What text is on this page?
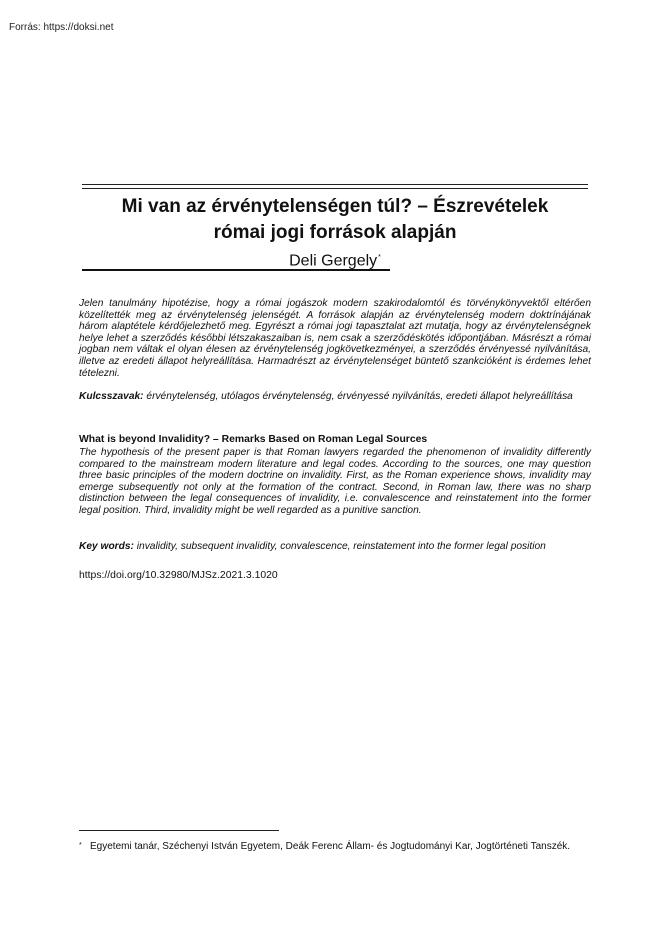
Forrás: https://doksi.net
Mi van az érvénytelenségen túl? – Észrevételek
római jogi források alapján
Deli Gergely*

Jelen tanulmány hipotézise, hogy a római jogászok modern szakirodalomtól és törvénykönyvektől eltérően közelítették meg az érvénytelenség jelenségét. A források alapján az érvénytelenség modern doktrínájának három alaptétele kérdőjelezhető meg. Egyrészt a római jogi tapasztalat azt mutatja, hogy az érvénytelenségnek helye lehet a szerződés későbbi létszakaszaiban is, nem csak a szerződéskötés időpontjában. Másrészt a római jogban nem váltak el olyan élesen az érvénytelenség jogkövetkezményei, a szerződés érvényessé nyilvánítása, illetve az eredeti állapot helyreállítása. Harmadrészt az érvénytelenséget büntető szankcióként is érdemes lehet tételezni.

Kulcsszavak: érvénytelenség, utólagos érvénytelenség, érvényessé nyilvánítás, eredeti állapot helyreállítása

What is beyond Invalidity? – Remarks Based on Roman Legal Sources

The hypothesis of the present paper is that Roman lawyers regarded the phenomenon of invalidity differently compared to the mainstream modern literature and legal codes. According to the sources, one may question three basic principles of the modern doctrine on invalidity. First, as the Roman experience shows, invalidity may emerge subsequently not only at the formation of the contract. Second, in Roman law, there was no sharp distinction between the legal consequences of invalidity, i.e. convalescence and reinstatement into the former legal position. Third, invalidity might be well regarded as a punitive sanction.

Key words: invalidity, subsequent invalidity, convalescence, reinstatement into the former legal position

https://doi.org/10.32980/MJSz.2021.3.1020
* Egyetemi tanár, Széchenyi István Egyetem, Deák Ferenc Állam- és Jogtudományi Kar, Jogtörténeti Tanszék.
